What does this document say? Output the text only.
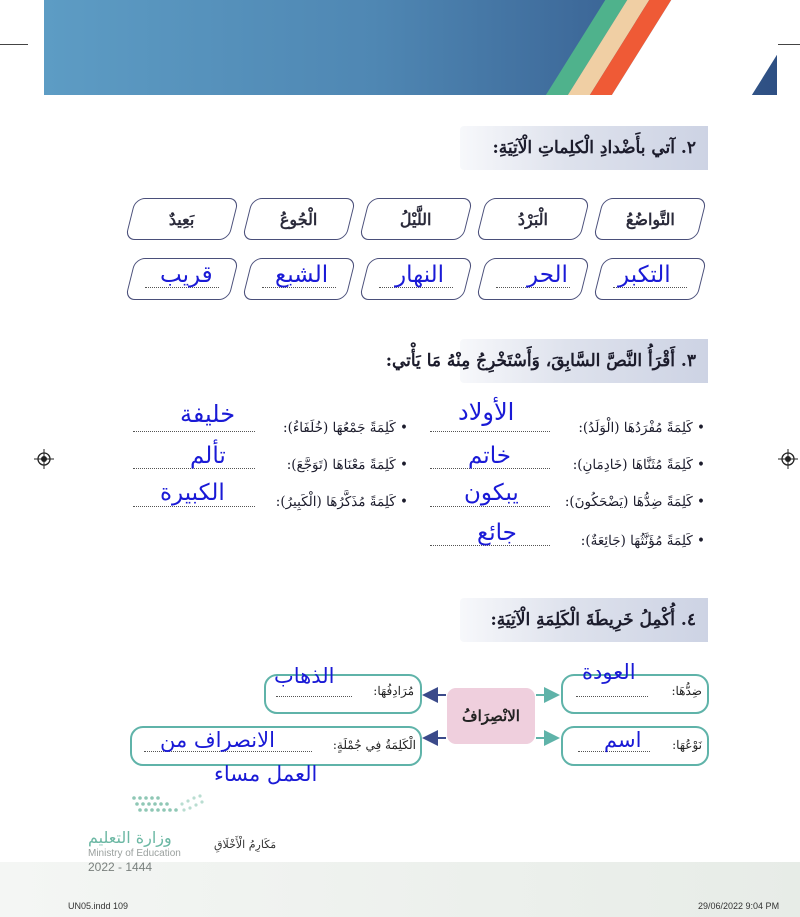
٢. آتي بأَضْدادِ الْكلِماتِ الْآتِيَةِ:
التَّواضُعُ
الْبَرْدُ
اللَّيْلُ
الْجُوعُ
بَعِيدٌ
التكبر
الحر
النهار
الشبع
قريب
٣. أَقْرَأُ النَّصَّ السَّابِقَ، وَأَسْتَخْرِجُ مِنْهُ مَا يَأْتي:
• كَلِمَةً مُفْرَدُهَا (الْوَلَدُ):
• كَلِمَةً مُثَنَّاهَا (خَادِمَانِ):
• كَلِمَةً ضِدُّهَا (يَضْحَكُونَ):
• كَلِمَةً مُؤَنَّثُهَا (جَائِعَةٌ):
الأولاد
خاتم
يبكون
جائع
• كَلِمَةً جَمْعُهَا (خُلَفَاءُ):
• كَلِمَةً مَعْنَاهَا (تَوَجَّعَ):
• كَلِمَةً مُذَكَّرُهَا (الْكَبِيرُ):
خليفة
تألم
الكبيرة
٤. أُكْمِلُ خَرِيطَةَ الْكَلِمَةِ الْآتِيَةِ:
الانْصِرَافُ
ضِدُّهَا:
العودة
مُرَادِفُهَا:
الذهاب
نَوْعُهَا:
اسم
الْكَلِمَةُ فِي جُمْلَةٍ:
الانصراف من
العمل مساء
وزارة التعليم
Ministry of Education
2022 - 1444
مَكَارِمُ الْأَخْلَاقِ
UN05.indd 109	29/06/2022 9:04 PM
